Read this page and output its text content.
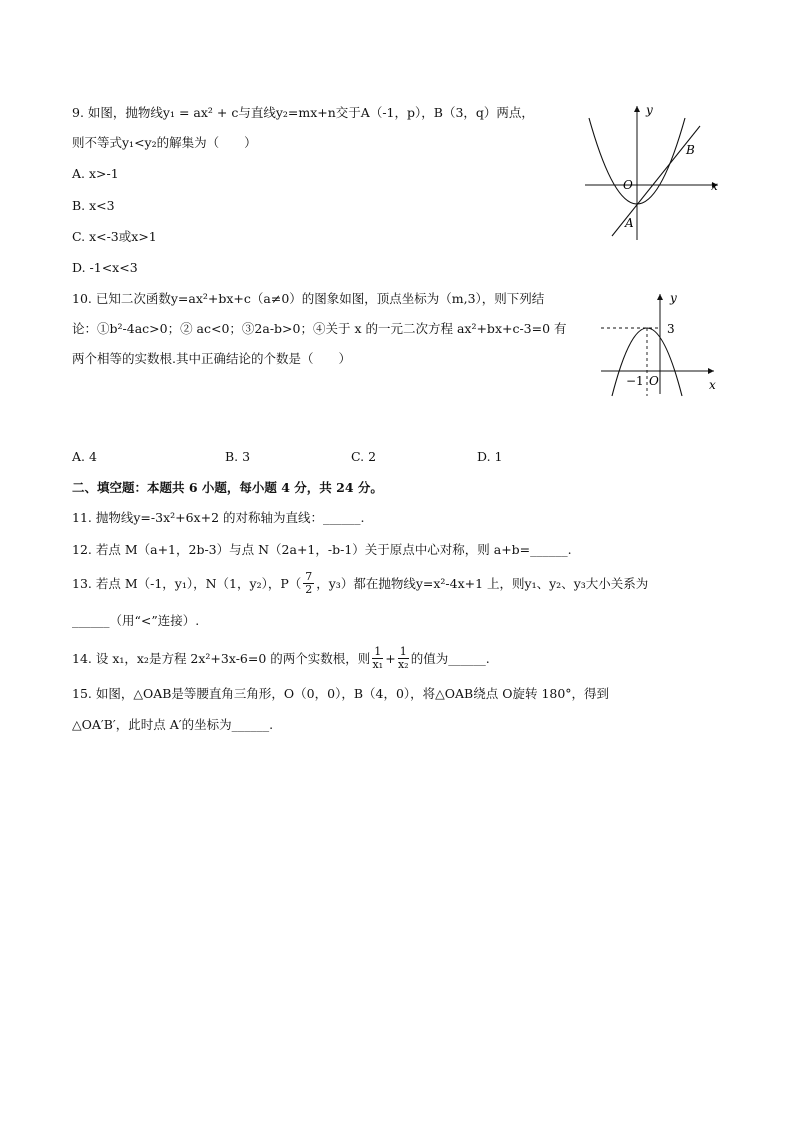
9. 如图，抛物线y₁ = ax² + c与直线y₂=mx+n交于A（-1，p），B（3，q）两点，
则不等式y₁<y₂的解集为（　　）
A. x>-1
B. x<3
C. x<-3或x>1
D. -1<x<3
y
x
O
A
B
10. 已知二次函数y=ax²+bx+c（a≠0）的图象如图，顶点坐标为（m,3），则下列结
论：①b²-4ac>0；② ac<0；③2a-b>0；④关于 x 的一元二次方程 ax²+bx+c-3=0 有
两个相等的实数根.其中正确结论的个数是（　　）
y
x
3
−1 O
A. 4	B. 3	C. 2	D. 1
二、填空题：本题共 6 小题，每小题 4 分，共 24 分。
11. 抛物线y=-3x²+6x+2 的对称轴为直线：______.
12. 若点 M（a+1，2b-3）与点 N（2a+1，-b-1）关于原点中心对称，则 a+b=______.
13. 若点 M（-1，y₁），N（1，y₂），$P( \frac{7}{2}$ ，y₃）都在抛物线y=x²-4x+1 上，则y₁、y₂、y₃大小关系为
______（用“<”连接）.
14. 设 x₁，x₂是方程 2x²+3x-6=0 的两个实数根，则 $\frac{1}{\text{x₁}} + \frac{1}{\text{x₂}}$ 的值为______.
15. 如图，△OAB是等腰直角三角形，O（0，0），B（4，0），将△OAB绕点 O旋转 180°，得到
△OA′B′，此时点 A′的坐标为______.
